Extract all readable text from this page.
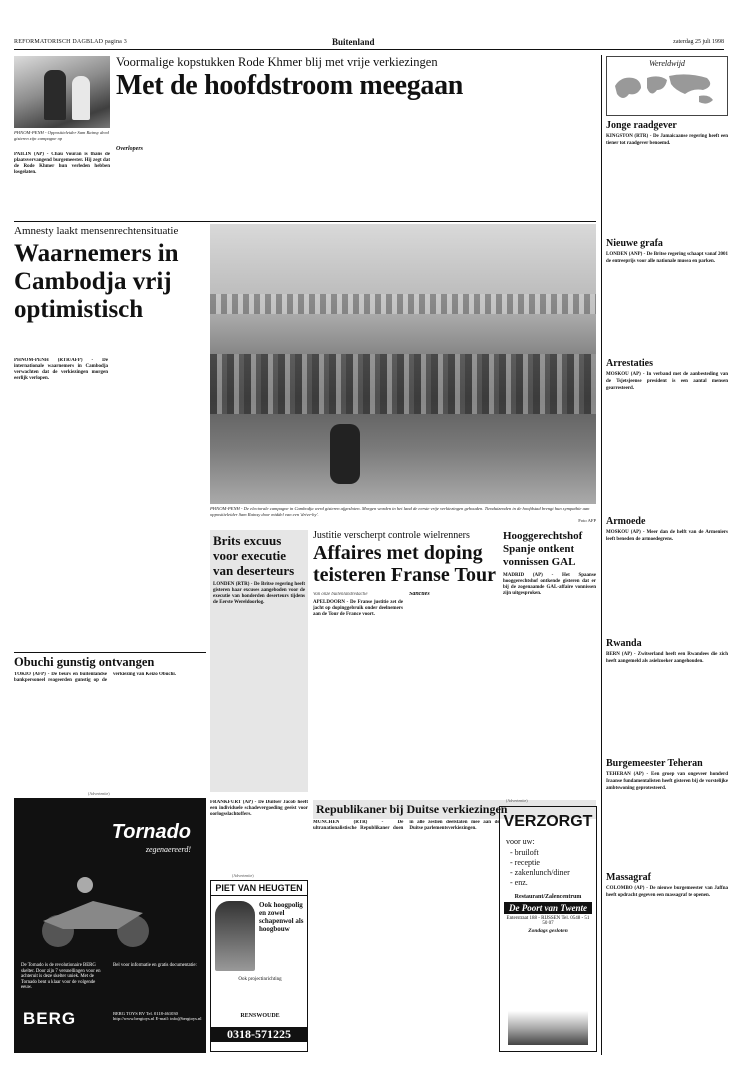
REFORMATORISCH DAGBLAD pagina 3	Buitenland	zaterdag 25 juli 1998
PHNOM-PENH - Oppositieleider Sam Rainsy deed gisteren zijn campagne op
PAILIN (AP) - Chau Vouran is thans de plaatsvervangend burgemeester. Hij zegt dat de Rode Khmer hun verleden hebben losgelaten.
Voormalige kopstukken Rode Khmer blij met vrije verkiezingen
Met de hoofdstroom meegaan
Overlopers
Wereldwijd
Jonge raadgever
KINGSTON (RTR) - De Jamaicaanse regering heeft een tiener tot raadgever benoemd.
Nieuwe grafa
LONDEN (ANP) - De Britse regering schaapt vanaf 2001 de entreeprijs voor alle nationale musea en parken.
Arrestaties
MOSKOU (AP) - In verband met de aanbesteding van de Tsjetsjeense president is een aantal mensen gearresteerd.
Armoede
MOSKOU (AP) - Meer dan de helft van de Armeniers leeft beneden de armoedegrens.
Rwanda
BERN (AP) - Zwitserland heeft een Rwandees die zich heeft aangemeld als asielzoeker aangehouden.
Burgemeester Teheran
TEHERAN (AP) - Een groep van ongeveer honderd Iraanse fundamentalisten heeft gisteren bij de vorstelijke ambtswoning geprotesteerd.
Massagraf
COLOMBO (AP) - De nieuwe burgemeester van Jaffna heeft opdracht gegeven een massagraf te openen.
Amnesty laakt mensenrechtensituatie
Waarnemers in Cambodja vrij optimistisch
PHNOM-PENH (RTR/AFP) - De internationale waarnemers in Cambodja verwachten dat de verkiezingen morgen eerlijk verlopen.
PHNOM-PENH - De electorale campagne in Cambodja werd gisteren afgesloten. Morgen worden in het land de eerste vrije verkiezingen gehouden. Tienduizenden in de hoofdstad brengt hun sympathie aan oppositieleider Sam Rainsy door middel van een 'drive-by'.
Foto AFP
Brits excuus voor executie van deserteurs
LONDEN (RTR) - De Britse regering heeft gisteren haar excuses aangeboden voor de executie van honderden deserteurs tijdens de Eerste Wereldoorlog.
Justitie verscherpt controle wielrenners
Affaires met doping teisteren Franse Tour
Van onze buitenlandredactie
APELDOORN - De Franse justitie zet de jacht op dopinggebruik onder deelnemers aan de Tour de France voort.
Sancties
Hooggerechtshof Spanje ontkent vonnissen GAL
MADRID (AP) - Het Spaanse hooggerechtshof ontkende gisteren dat er bij de zogenaamde GAL-affaire vonnissen zijn uitgesproken.
Obuchi gunstig ontvangen
TOKIO (AFP) - De beurs en buitenlandse bankpersoneel reageerden gunstig op de verkiezing van Keizo Obuchi.
(Advertentie)
Tornado
zegenaereerd!
De Tornado is de revolutionaire BERG skelter. Door zijn 7 versnellingen voor en achteruit is deze skelter uniek. Met de Tornado bent u klaar voor de volgende eeuw.
Bel voor informatie en gratis documentatie:
BERG	BERG TOYS BV Tel. 0118-461030 http://www.bergtoys.nl E-mail: info@bergtoys.nl
FRANKFURT (AP) - De Duitser Jacob heeft een individuele schadevergoeding geeist voor oorlogsslachtoffers.
(Advertentie)
PIET VAN HEUGTEN
Ook hoogpolig en zowel schapenwol als hoogbouw
Ook projectinrichting
RENSWOUDE
0318-571225
Republikaner bij Duitse verkiezingen
MUNCHEN (RTR) - De ultranationalistische Republikaner doen in alle zestien deelstaten mee aan de Duitse parlementsverkiezingen.
(Advertentie)
VERZORGT
voor uw:
- bruiloft
- receptie
- zakenlunch/diner
- enz.
Restaurant/Zalencentrum
De Poort van Twente
Enterstraat 188 - RIJSSEN Tel. 0548 - 51 50 07
Zondags gesloten
